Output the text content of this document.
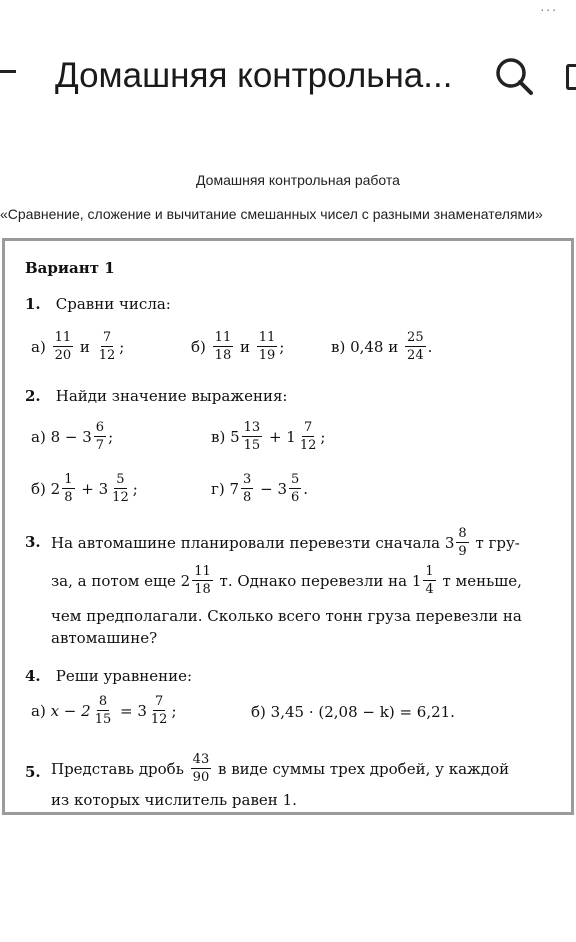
...
Домашняя контрольна...
Домашняя контрольная работа
«Сравнение, сложение и вычитание смешанных чисел с разными знаменателями»
Вариант 1
1. Сравни числа:
а)
$\frac{11}{20}$
и
$\frac{7}{12}$ ;	б)
$\frac{11}{18}$
и
$\frac{11}{19}$ ;	в)
0,48
и
$\frac{25}{24}$ .
2. Найди значение выражения:
а)
$8 - 3 \frac{6}{7}$ ;	в)
$5 \frac{13}{15}$
+ $1 \frac{7}{12}$ ;
б)
$2 \frac{1}{8}$
+ $3 \frac{5}{12}$ ;	г)
$7 \frac{3}{8}$
− $3 \frac{5}{6}$ .
3. На автомашине планировали перевезти сначала $3 \frac{8}{9}$
т гру-
за, а потом еще $2 \frac{11}{18}$
т. Однако перевезли на $1 \frac{1}{4}$
т меньше,
чем предполагали. Сколько всего тонн груза перевезли на
автомашине?
4. Реши уравнение:
а)
$x - 2 \frac{8}{15}$
= $3 \frac{7}{12}$ ;	б)
3,45 · (2,08 − k) = 6,21.
5. Представь дробь
$\frac{43}{90}$
в виде суммы трех дробей, у каждой
из которых числитель равен 1.
